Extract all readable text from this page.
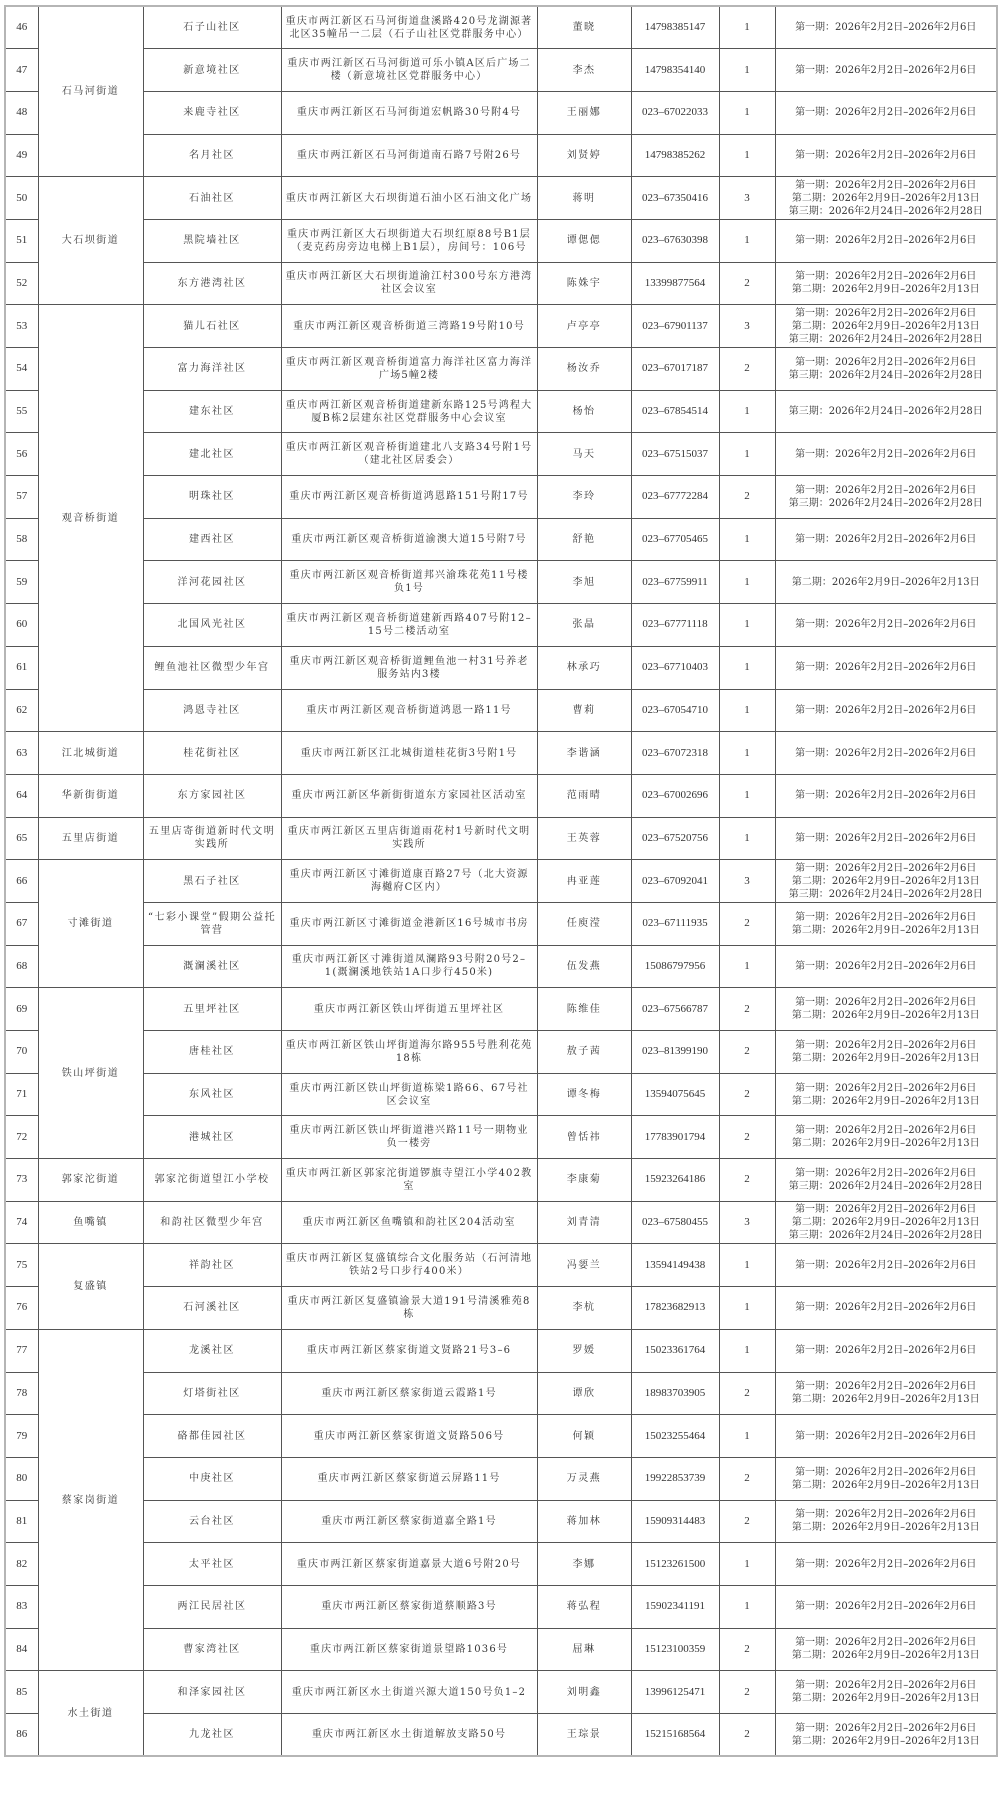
46	石马河街道	石子山社区	重庆市两江新区石马河街道盘溪路420号龙湖源著北区35幢吊一二层（石子山社区党群服务中心）	董晓	14798385147	1	第一期：2026年2月2日–2026年2月6日

47		新意境社区	重庆市两江新区石马河街道可乐小镇A区后广场二楼（新意境社区党群服务中心）	李杰	14798354140	1	第一期：2026年2月2日–2026年2月6日

48		来鹿寺社区	重庆市两江新区石马河街道宏帆路30号附4号	王丽娜	023–67022033	1	第一期：2026年2月2日–2026年2月6日

49		名月社区	重庆市两江新区石马河街道南石路7号附26号	刘贤婷	14798385262	1	第一期：2026年2月2日–2026年2月6日

50	大石坝街道	石油社区	重庆市两江新区大石坝街道石油小区石油文化广场	蒋明	023–67350416	3	第一期：2026年2月2日–2026年2月6日
第二期：2026年2月9日–2026年2月13日
第三期：2026年2月24日–2026年2月28日

51		黑院墙社区	重庆市两江新区大石坝街道大石坝红原88号B1层（麦克药房旁边电梯上B1层），房间号：106号	谭偲偲	023–67630398	1	第一期：2026年2月2日–2026年2月6日

52		东方港湾社区	重庆市两江新区大石坝街道渝江村300号东方港湾社区会议室	陈姝宇	13399877564	2	第一期：2026年2月2日–2026年2月6日
第二期：2026年2月9日–2026年2月13日

53	观音桥街道	猫儿石社区	重庆市两江新区观音桥街道三湾路19号附10号	卢亭亭	023–67901137	3	第一期：2026年2月2日–2026年2月6日
第二期：2026年2月9日–2026年2月13日
第三期：2026年2月24日–2026年2月28日

54		富力海洋社区	重庆市两江新区观音桥街道富力海洋社区富力海洋广场5幢2楼	杨汝乔	023–67017187	2	第一期：2026年2月2日–2026年2月6日
第三期：2026年2月24日–2026年2月28日

55		建东社区	重庆市两江新区观音桥街道建新东路125号鸿程大厦B栋2层建东社区党群服务中心会议室	杨怡	023–67854514	1	第三期：2026年2月24日–2026年2月28日

56		建北社区	重庆市两江新区观音桥街道建北八支路34号附1号（建北社区居委会）	马天	023–67515037	1	第一期：2026年2月2日–2026年2月6日

57		明珠社区	重庆市两江新区观音桥街道鸿恩路151号附17号	李玲	023–67772284	2	第一期：2026年2月2日–2026年2月6日
第三期：2026年2月24日–2026年2月28日

58		建西社区	重庆市两江新区观音桥街道渝澳大道15号附7号	舒艳	023–67705465	1	第一期：2026年2月2日–2026年2月6日

59		洋河花园社区	重庆市两江新区观音桥街道邦兴渝珠花苑11号楼负1号	李旭	023–67759911	1	第二期：2026年2月9日–2026年2月13日

60		北国风光社区	重庆市两江新区观音桥街道建新西路407号附12–15号二楼活动室	张晶	023–67771118	1	第一期：2026年2月2日–2026年2月6日

61		鲤鱼池社区微型少年宫	重庆市两江新区观音桥街道鲤鱼池一村31号养老服务站内3楼	林承巧	023–67710403	1	第一期：2026年2月2日–2026年2月6日

62		鸿恩寺社区	重庆市两江新区观音桥街道鸿恩一路11号	曹莉	023–67054710	1	第一期：2026年2月2日–2026年2月6日

63	江北城街道	桂花街社区	重庆市两江新区江北城街道桂花街3号附1号	李谐涵	023–67072318	1	第一期：2026年2月2日–2026年2月6日

64	华新街街道	东方家园社区	重庆市两江新区华新街街道东方家园社区活动室	范雨晴	023–67002696	1	第一期：2026年2月2日–2026年2月6日

65	五里店街道	五里店寄街道新时代文明实践所	重庆市两江新区五里店街道雨花村1号新时代文明实践所	王英蓉	023–67520756	1	第一期：2026年2月2日–2026年2月6日

66	寸滩街道	黑石子社区	重庆市两江新区寸滩街道康百路27号（北大资源海樾府C区内）	冉亚莲	023–67092041	3	第一期：2026年2月2日–2026年2月6日
第二期：2026年2月9日–2026年2月13日
第三期：2026年2月24日–2026年2月28日

67		“七彩小课堂”假期公益托管营	重庆市两江新区寸滩街道金港新区16号城市书房	任庾滢	023–67111935	2	第一期：2026年2月2日–2026年2月6日
第二期：2026年2月9日–2026年2月13日

68		溉澜溪社区	重庆市两江新区寸滩街道凤澜路93号附20号2–1(溉澜溪地铁站1A口步行450米)	伍发燕	15086797956	1	第一期：2026年2月2日–2026年2月6日

69	铁山坪街道	五里坪社区	重庆市两江新区铁山坪街道五里坪社区	陈维佳	023–67566787	2	第一期：2026年2月2日–2026年2月6日
第二期：2026年2月9日–2026年2月13日

70		唐桂社区	重庆市两江新区铁山坪街道海尔路955号胜利花苑18栋	敖子茜	023–81399190	2	第一期：2026年2月2日–2026年2月6日
第二期：2026年2月9日–2026年2月13日

71		东风社区	重庆市两江新区铁山坪街道栋梁1路66、67号社区会议室	谭冬梅	13594075645	2	第一期：2026年2月2日–2026年2月6日
第二期：2026年2月9日–2026年2月13日

72		港城社区	重庆市两江新区铁山坪街道港兴路11号一期物业负一楼旁	曾恬祎	17783901794	2	第一期：2026年2月2日–2026年2月6日
第二期：2026年2月9日–2026年2月13日

73	郭家沱街道	郭家沱街道望江小学校	重庆市两江新区郭家沱街道锣旗寺望江小学402教室	李康菊	15923264186	2	第一期：2026年2月2日–2026年2月6日
第三期：2026年2月24日–2026年2月28日

74	鱼嘴镇	和韵社区微型少年宫	重庆市两江新区鱼嘴镇和韵社区204活动室	刘青清	023–67580455	3	第一期：2026年2月2日–2026年2月6日
第二期：2026年2月9日–2026年2月13日
第三期：2026年2月24日–2026年2月28日

75	复盛镇	祥韵社区	重庆市两江新区复盛镇综合文化服务站（石河清地铁站2号口步行400米）	冯媭兰	13594149438	1	第一期：2026年2月2日–2026年2月6日

76		石河溪社区	重庆市两江新区复盛镇渝景大道191号清溪雅苑8栋	李杭	17823682913	1	第一期：2026年2月2日–2026年2月6日

77	蔡家岗街道	龙溪社区	重庆市两江新区蔡家街道文贤路21号3–6	罗媛	15023361764	1	第一期：2026年2月2日–2026年2月6日

78		灯塔街社区	重庆市两江新区蔡家街道云霞路1号	谭欣	18983703905	2	第一期：2026年2月2日–2026年2月6日
第二期：2026年2月9日–2026年2月13日

79		硌都佳园社区	重庆市两江新区蔡家街道文贤路506号	何颖	15023255464	1	第一期：2026年2月2日–2026年2月6日

80		中庚社区	重庆市两江新区蔡家街道云屏路11号	万灵燕	19922853739	2	第一期：2026年2月2日–2026年2月6日
第二期：2026年2月9日–2026年2月13日

81		云台社区	重庆市两江新区蔡家街道嘉全路1号	蒋加林	15909314483	2	第一期：2026年2月2日–2026年2月6日
第二期：2026年2月9日–2026年2月13日

82		太平社区	重庆市两江新区蔡家街道嘉景大道6号附20号	李娜	15123261500	1	第一期：2026年2月2日–2026年2月6日

83		两江民居社区	重庆市两江新区蔡家街道蔡顺路3号	蒋弘程	15902341191	1	第一期：2026年2月2日–2026年2月6日

84		曹家湾社区	重庆市两江新区蔡家街道景望路1036号	屈琳	15123100359	2	第一期：2026年2月2日–2026年2月6日
第二期：2026年2月9日–2026年2月13日

85	水土街道	和泽家园社区	重庆市两江新区水土街道兴源大道150号负1–2	刘明鑫	13996125471	2	第一期：2026年2月2日–2026年2月6日
第二期：2026年2月9日–2026年2月13日

86		九龙社区	重庆市两江新区水土街道解放支路50号	王琮景	15215168564	2	第一期：2026年2月2日–2026年2月6日
第二期：2026年2月9日–2026年2月13日
